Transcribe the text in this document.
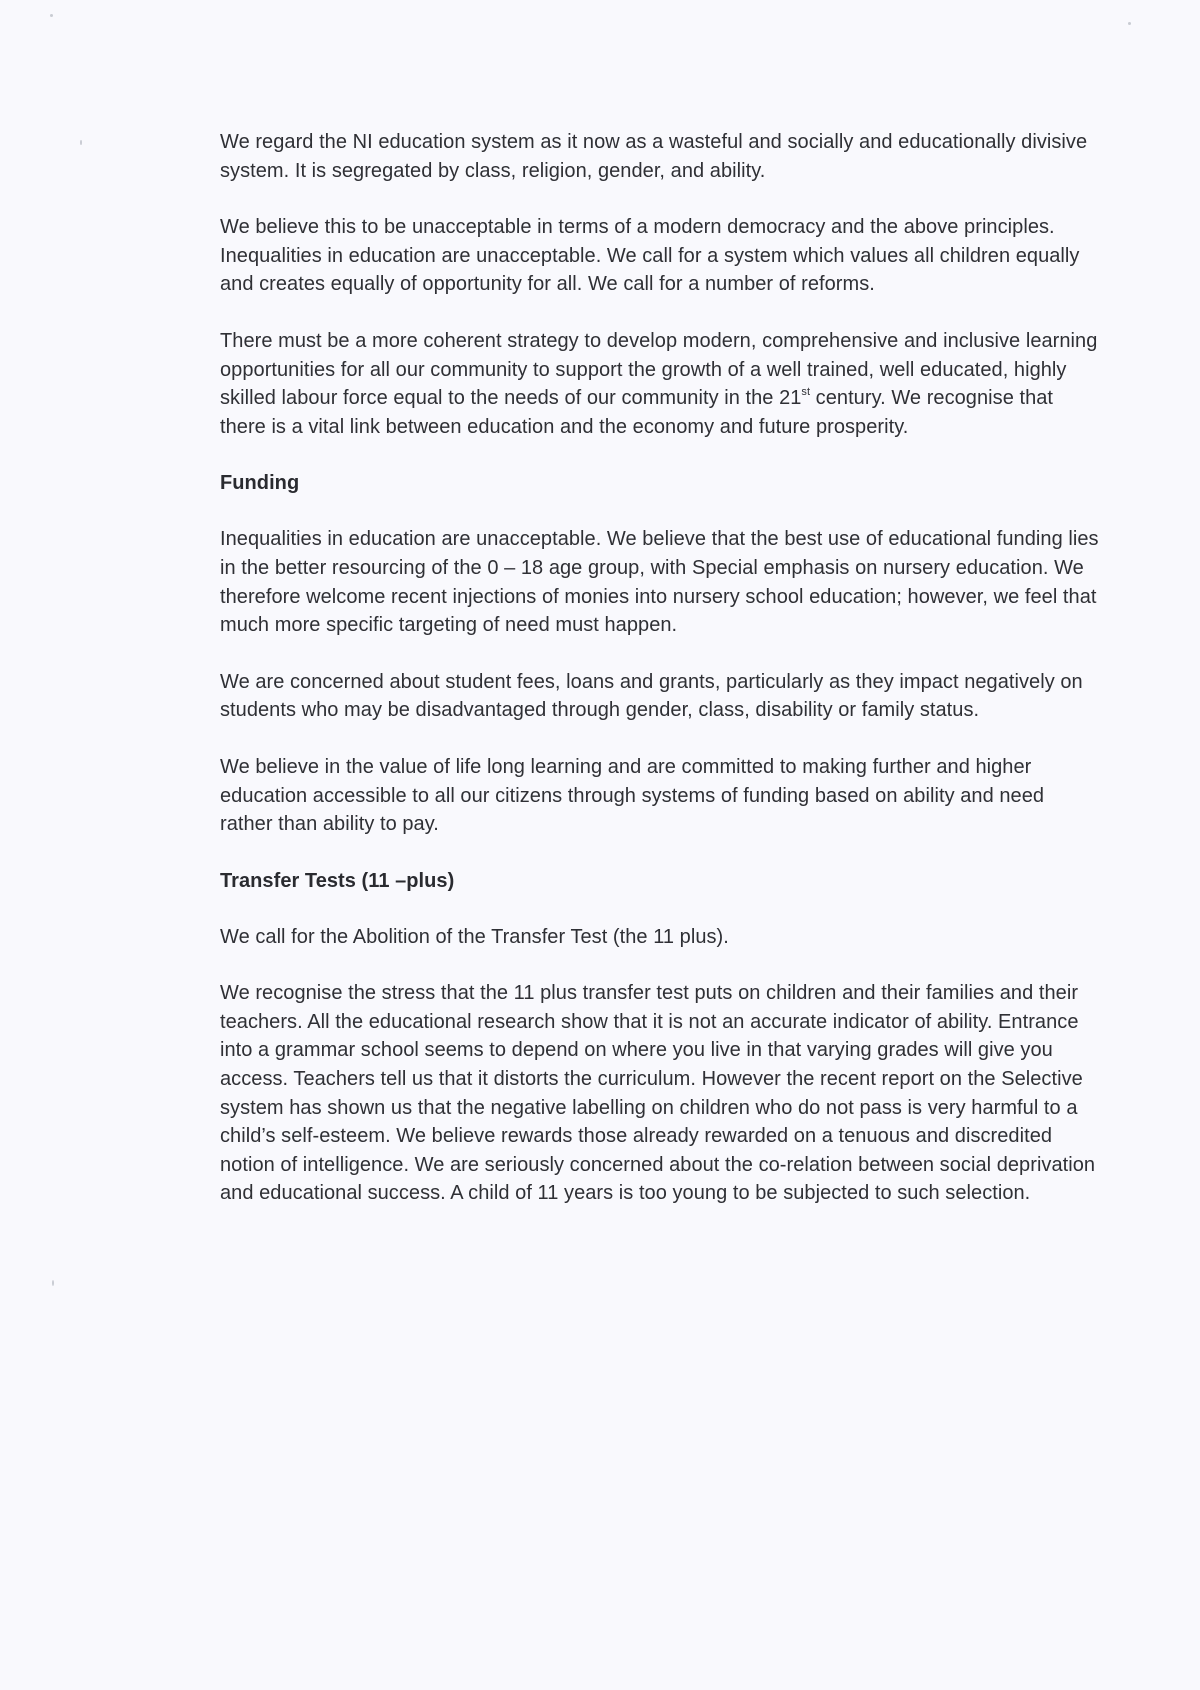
We regard the NI education system as it now as a wasteful and socially and educationally divisive system. It is segregated by class, religion, gender, and ability.

We believe this to be unacceptable in terms of a modern democracy and the above principles. Inequalities in education are unacceptable. We call for a system which values all children equally and creates equally of opportunity for all. We call for a number of reforms.

There must be a more coherent strategy to develop modern, comprehensive and inclusive learning opportunities for all our community to support the growth of a well trained, well educated, highly skilled labour force equal to the needs of our community in the 21st century. We recognise that there is a vital link between education and the economy and future prosperity.

Funding

Inequalities in education are unacceptable. We believe that the best use of educational funding lies in the better resourcing of the 0 – 18 age group, with Special emphasis on nursery education. We therefore welcome recent injections of monies into nursery school education; however, we feel that much more specific targeting of need must happen.

We are concerned about student fees, loans and grants, particularly as they impact negatively on students who may be disadvantaged through gender, class, disability or family status.

We believe in the value of life long learning and are committed to making further and higher education accessible to all our citizens through systems of funding based on ability and need rather than ability to pay.

Transfer Tests (11 –plus)

We call for the Abolition of the Transfer Test (the 11 plus).

We recognise the stress that the 11 plus transfer test puts on children and their families and their teachers. All the educational research show that it is not an accurate indicator of ability. Entrance into a grammar school seems to depend on where you live in that varying grades will give you access. Teachers tell us that it distorts the curriculum. However the recent report on the Selective system has shown us that the negative labelling on children who do not pass is very harmful to a child’s self-esteem. We believe rewards those already rewarded on a tenuous and discredited notion of intelligence. We are seriously concerned about the co-relation between social deprivation and educational success. A child of 11 years is too young to be subjected to such selection.
